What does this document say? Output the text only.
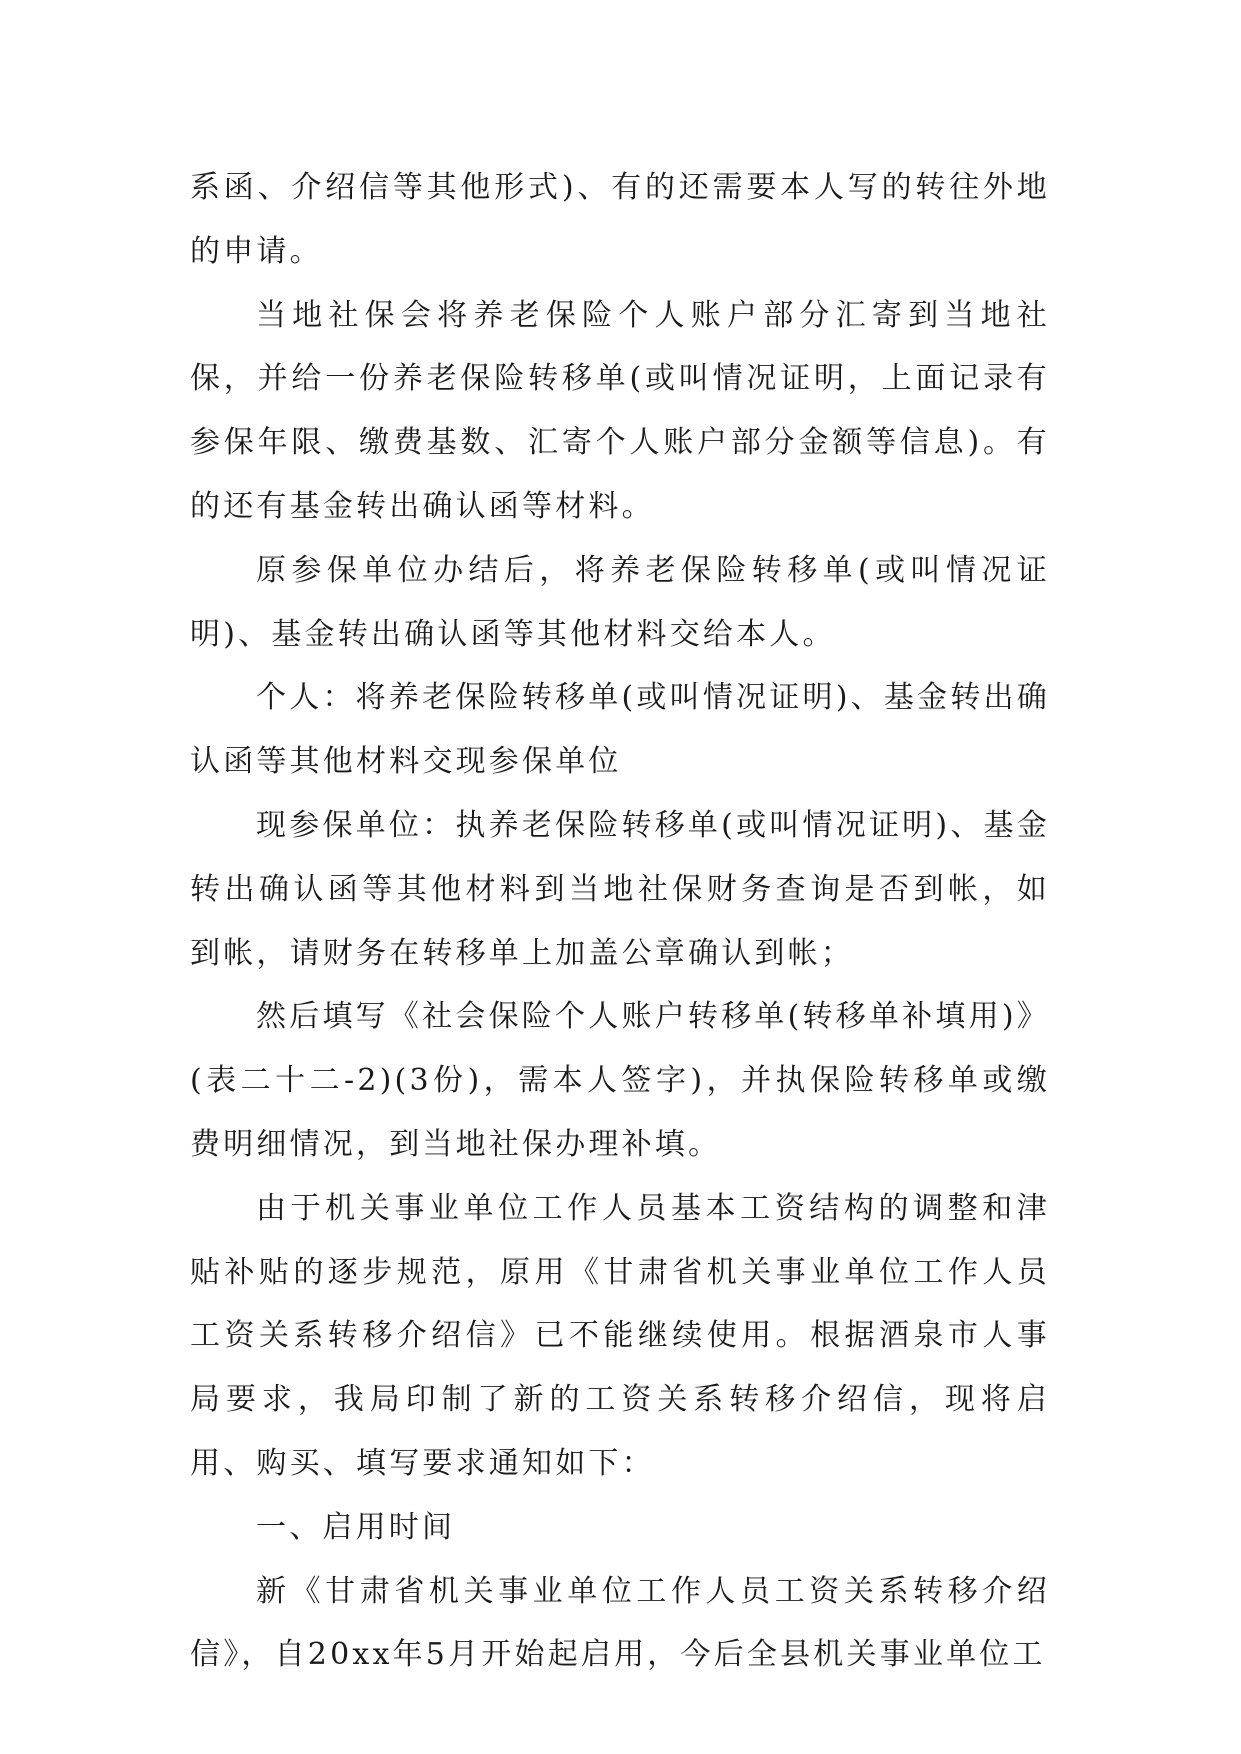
系函、介绍信等其他形式)、有的还需要本人写的转往外地的申请。

当地社保会将养老保险个人账户部分汇寄到当地社保，并给一份养老保险转移单(或叫情况证明，上面记录有参保年限、缴费基数、汇寄个人账户部分金额等信息)。有的还有基金转出确认函等材料。

原参保单位办结后，将养老保险转移单(或叫情况证明)、基金转出确认函等其他材料交给本人。

个人：将养老保险转移单(或叫情况证明)、基金转出确认函等其他材料交现参保单位

现参保单位：执养老保险转移单(或叫情况证明)、基金转出确认函等其他材料到当地社保财务查询是否到帐，如到帐，请财务在转移单上加盖公章确认到帐；

然后填写《社会保险个人账户转移单(转移单补填用)》(表二十二-2)(3份)，需本人签字)，并执保险转移单或缴费明细情况，到当地社保办理补填。

由于机关事业单位工作人员基本工资结构的调整和津贴补贴的逐步规范，原用《甘肃省机关事业单位工作人员工资关系转移介绍信》已不能继续使用。根据酒泉市人事局要求，我局印制了新的工资关系转移介绍信，现将启用、购买、填写要求通知如下：

一、启用时间

新《甘肃省机关事业单位工作人员工资关系转移介绍信》，自20xx年5月开始起启用，今后全县机关事业单位工
